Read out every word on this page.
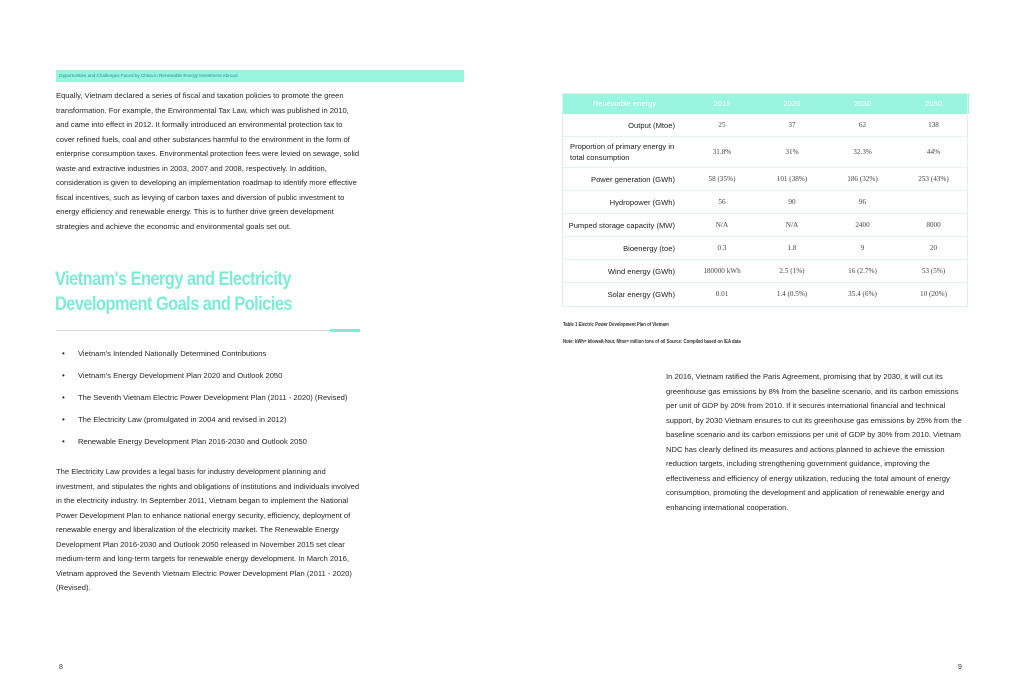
Opportunities and Challenges Faced by China in Renewable Energy Investment Abroad

Equally, Vietnam declared a series of fiscal and taxation policies to promote the green transformation. For example, the Environmental Tax Law, which was published in 2010, and came into effect in 2012. It formally introduced an environmental protection tax to cover refined fuels, coal and other substances harmful to the environment in the form of enterprise consumption taxes. Environmental protection fees were levied on sewage, solid waste and extractive industries in 2003, 2007 and 2008, respectively. In addition, consideration is given to developing an implementation roadmap to identify more effective fiscal incentives, such as levying of carbon taxes and diversion of public investment to energy efficiency and renewable energy. This is to further drive green development strategies and achieve the economic and environmental goals set out.

Vietnam's Energy and Electricity Development Goals and Policies
• Vietnam's Intended Nationally Determined Contributions
• Vietnam's Energy Development Plan 2020 and Outlook 2050
• The Seventh Vietnam Electric Power Development Plan (2011 - 2020) (Revised)
• The Electricity Law (promulgated in 2004 and revised in 2012)
• Renewable Energy Development Plan 2016-2030 and Outlook 2050

The Electricity Law provides a legal basis for industry development planning and investment, and stipulates the rights and obligations of institutions and individuals involved in the electricity industry. In September 2011, Vietnam began to implement the National Power Development Plan to enhance national energy security, efficiency, deployment of renewable energy and liberalization of the electricity market. The Renewable Energy Development Plan 2016-2030 and Outlook 2050 released in November 2015 set clear medium-term and long-term targets for renewable energy development. In March 2016, Vietnam approved the Seventh Vietnam Electric Power Development Plan (2011 - 2020) (Revised).

8
Renewable energy	2015	2020	2030	2050
Output (Mtoe)	25	37	62	138
Proportion of primary energy in total consumption	31.8%	31%	32.3%	44%
Power generation (GWh)	58 (35%)	101 (38%)	186 (32%)	253 (43%)
Hydropower (GWh)	56	90	96	
Pumped storage capacity (MW)	N/A	N/A	2400	8000
Bioenergy (toe)	0.3	1.8	9	20
Wind energy (GWh)	180000 kWh	2.5 (1%)	16 (2.7%)	53 (5%)
Solar energy (GWh)	0.01	1.4 (0.5%)	35.4 (6%)	10 (20%)
Table 1 Electric Power Development Plan of Vietnam
Note: kWh= kilowatt-hour, Mtoe= million tons of oil Source: Compiled based on IEA data

In 2016, Vietnam ratified the Paris Agreement, promising that by 2030, it will cut its greenhouse gas emissions by 8% from the baseline scenario, and its carbon emissions per unit of GDP by 20% from 2010. If it secures international financial and technical support, by 2030 Vietnam ensures to cut its greenhouse gas emissions by 25% from the baseline scenario and its carbon emissions per unit of GDP by 30% from 2010. Vietnam NDC has clearly defined its measures and actions planned to achieve the emission reduction targets, including strengthening government guidance, improving the effectiveness and efficiency of energy utilization, reducing the total amount of energy consumption, promoting the development and application of renewable energy and enhancing international cooperation.

9
